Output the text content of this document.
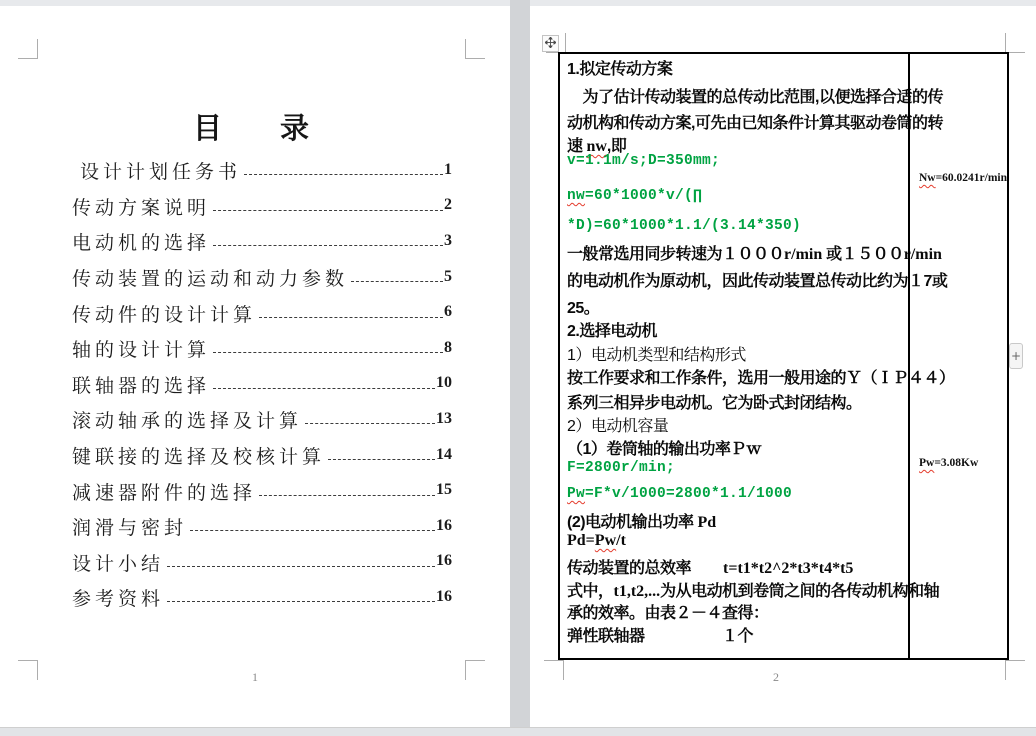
目　录
设计计划任务书	1
传动方案说明	2
电动机的选择	3
传动装置的运动和动力参数	5
传动件的设计计算	6
轴的设计计算	8
联轴器的选择	10
滚动轴承的选择及计算	13
键联接的选择及校核计算	14
减速器附件的选择	15
润滑与密封	16
设计小结	16
参考资料	16
1
1.拟定传动方案
　为了估计传动装置的总传动比范围,以便选择合适的传
动机构和传动方案,可先由已知条件计算其驱动卷筒的转
速 nw,即
v=1.1m/s;D=350mm;
nw=60*1000*v/(∏
*D)=60*1000*1.1/(3.14*350)
一般常选用同步转速为１０００r/min 或１５００r/min
的电动机作为原动机，因此传动装置总传动比约为１7或
25。
2.选择电动机
1）电动机类型和结构形式
按工作要求和工作条件，选用一般用途的Ｙ（ＩＰ４４）
系列三相异步电动机。它为卧式封闭结构。
2）电动机容量
（1）卷筒轴的输出功率Ｐｗ
F=2800r/min;
Pw=F*v/1000=2800*1.1/1000
(2)电动机输出功率 Pd
Pd=Pw/t
传动装置的总效率　　t=t1*t2^2*t3*t4*t5
式中，t1,t2,...为从电动机到卷筒之间的各传动机构和轴
承的效率。由表２－４查得：
弹性联轴器　　　　　１个
Nw=60.0241r/min
Pw=3.08Kw
2
+
